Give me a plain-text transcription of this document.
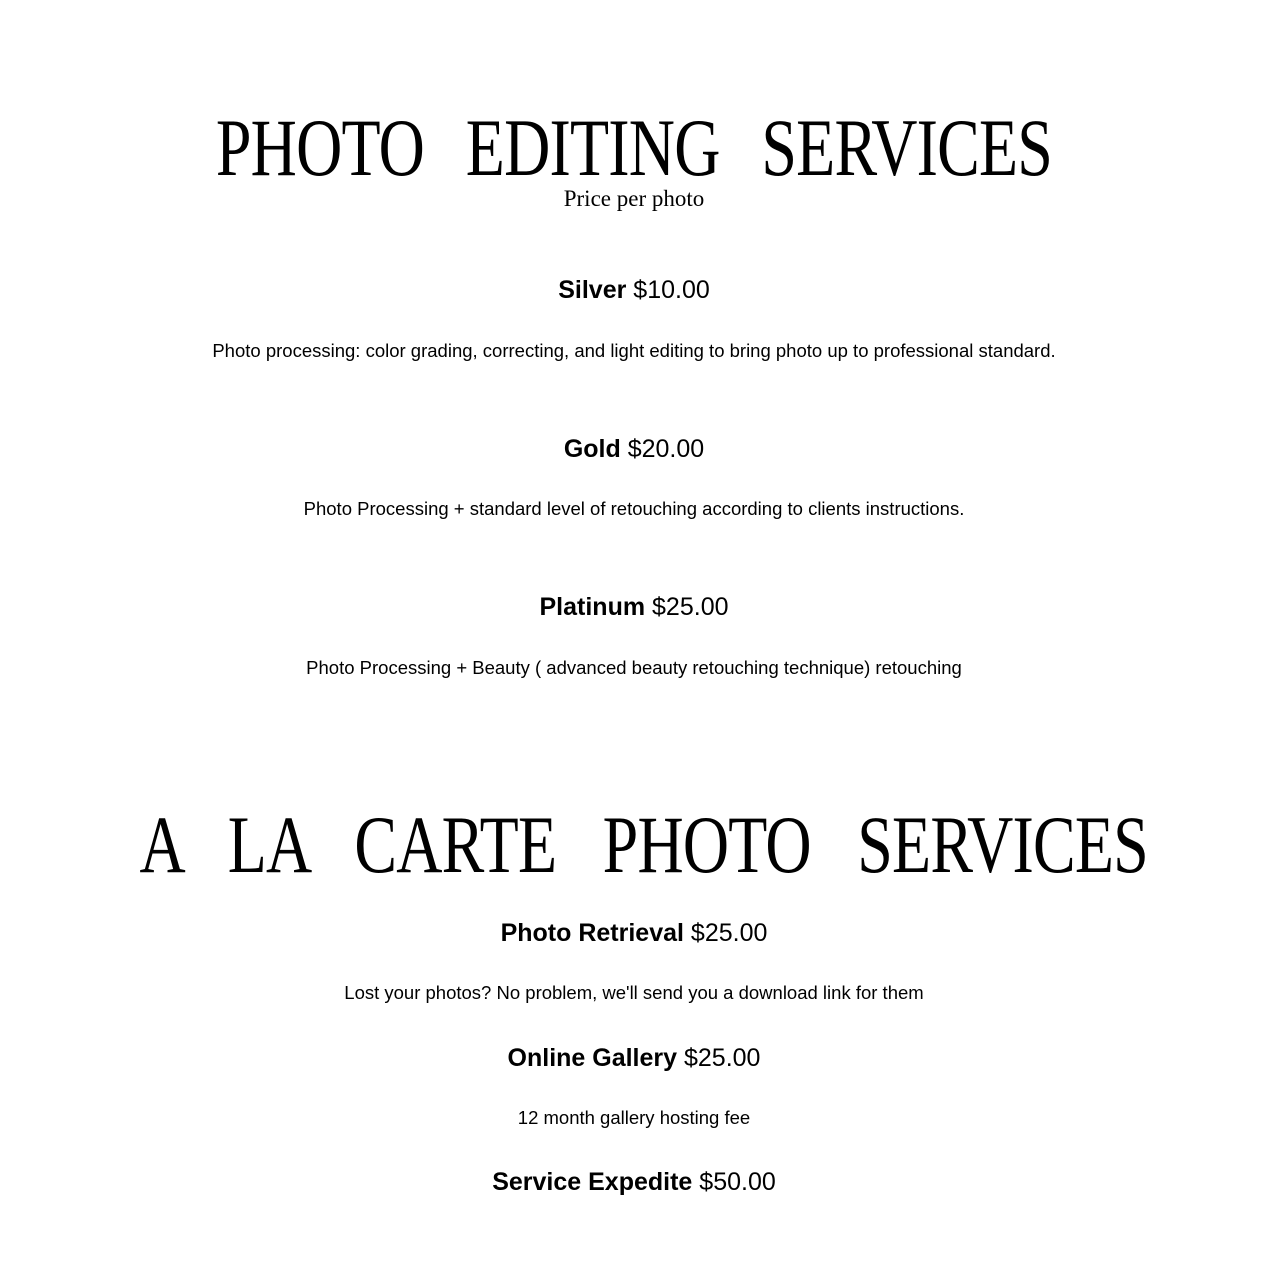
PHOTO EDITING SERVICES
Price per photo
Silver $10.00
Photo processing: color grading, correcting, and light editing to bring photo up to professional standard.
Gold $20.00
Photo Processing + standard level of retouching according to clients instructions.
Platinum $25.00
Photo Processing + Beauty ( advanced beauty retouching technique) retouching
A LA CARTE PHOTO SERVICES
Photo Retrieval $25.00
Lost your photos? No problem, we'll send you a download link for them
Online Gallery $25.00
12 month gallery hosting fee
Service Expedite $50.00
